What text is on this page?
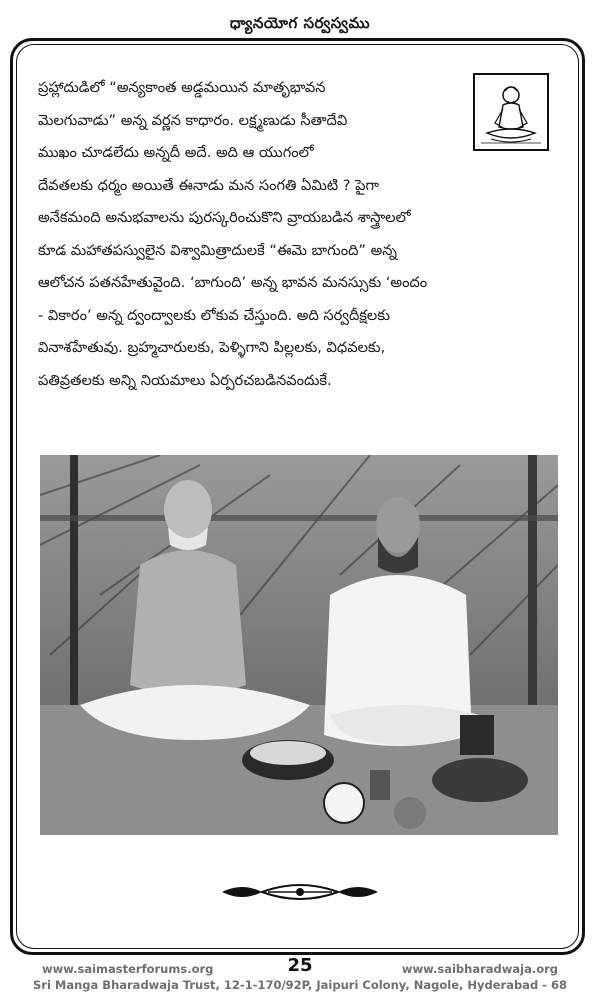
ధ్యానయోగ సర్వస్వము
ప్రహ్లాదుడిలో “అన్యకాంత అడ్డమయిన మాతృభావన
మెలగువాడు” అన్న వర్ణన కాధారం. లక్ష్మణుడు సీతాదేవి
ముఖం చూడలేదు అన్నదీ అదే. అది ఆ యుగంలో
దేవతలకు ధర్మం అయితే ఈనాడు మన సంగతి ఏమిటి ? పైగా
అనేకమంది అనుభవాలను పురస్కరించుకొని వ్రాయబడిన శాస్త్రాలలో
కూడ మహాతపస్వులైన విశ్వామిత్రాదులకే “ఈమె బాగుంది” అన్న
ఆలోచన పతనహేతువైంది. ‘బాగుంది’ అన్న భావన మనస్సుకు ‘అందం
- వికారం’ అన్న ద్వంద్వాలకు లోకువ చేస్తుంది. అది సర్వదీక్షలకు
వినాశహేతువు. బ్రహ్మచారులకు, పెళ్ళిగాని పిల్లలకు, విధవలకు,
పతివ్రతలకు అన్ని నియమాలు ఏర్పరచబడినవందుకే.
www.saimasterforums.org	25	www.saibharadwaja.org
Sri Manga Bharadwaja Trust, 12-1-170/92P, Jaipuri Colony, Nagole, Hyderabad - 68
